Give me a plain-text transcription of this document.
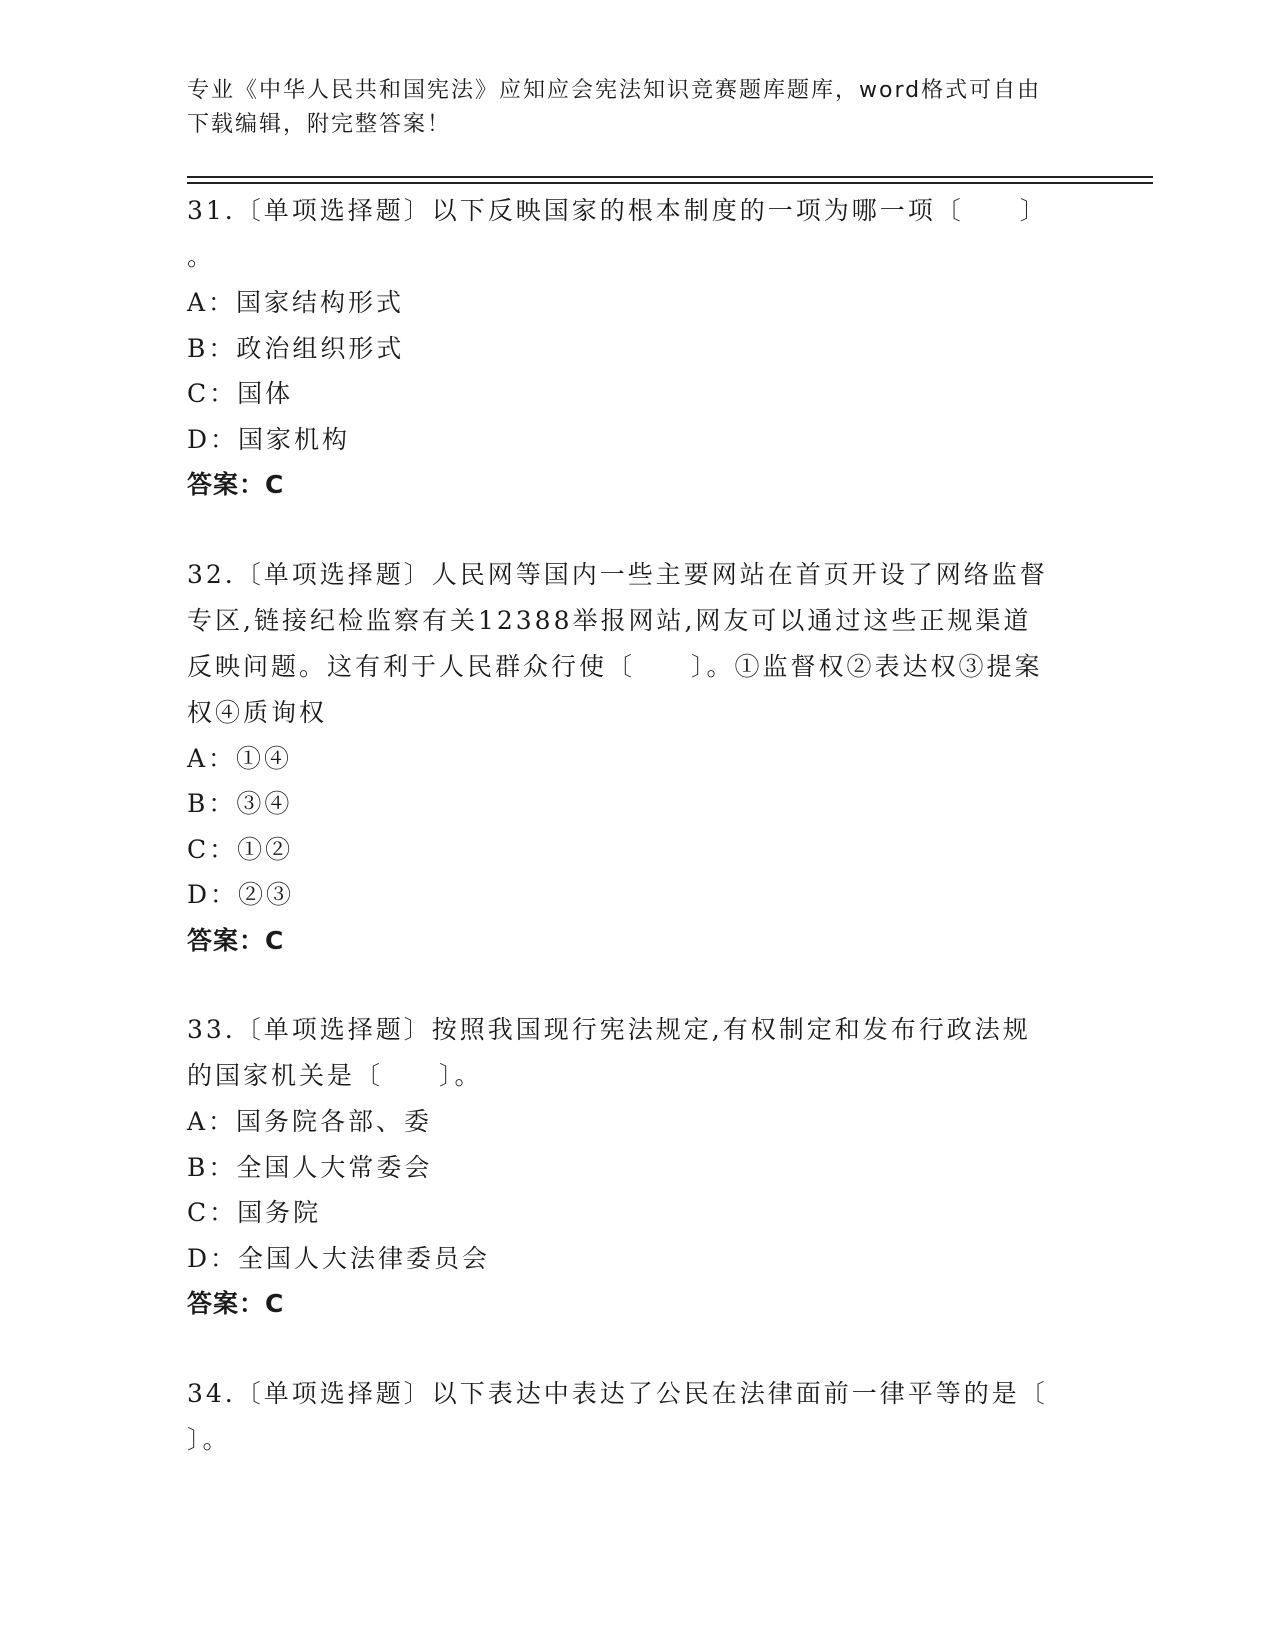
专业《中华人民共和国宪法》应知应会宪法知识竞赛题库题库，word格式可自由
下载编辑，附完整答案！
31.〔单项选择题〕以下反映国家的根本制度的一项为哪一项〔　　〕
。
A：国家结构形式
B：政治组织形式
C：国体
D：国家机构
答案：C
32.〔单项选择题〕人民网等国内一些主要网站在首页开设了网络监督
专区,链接纪检监察有关12388举报网站,网友可以通过这些正规渠道
反映问题。这有利于人民群众行使〔　　〕。①监督权②表达权③提案
权④质询权
A：①④
B：③④
C：①②
D：②③
答案：C
33.〔单项选择题〕按照我国现行宪法规定,有权制定和发布行政法规
的国家机关是〔　　〕。
A：国务院各部、委
B：全国人大常委会
C：国务院
D：全国人大法律委员会
答案：C
34.〔单项选择题〕以下表达中表达了公民在法律面前一律平等的是〔
〕。
